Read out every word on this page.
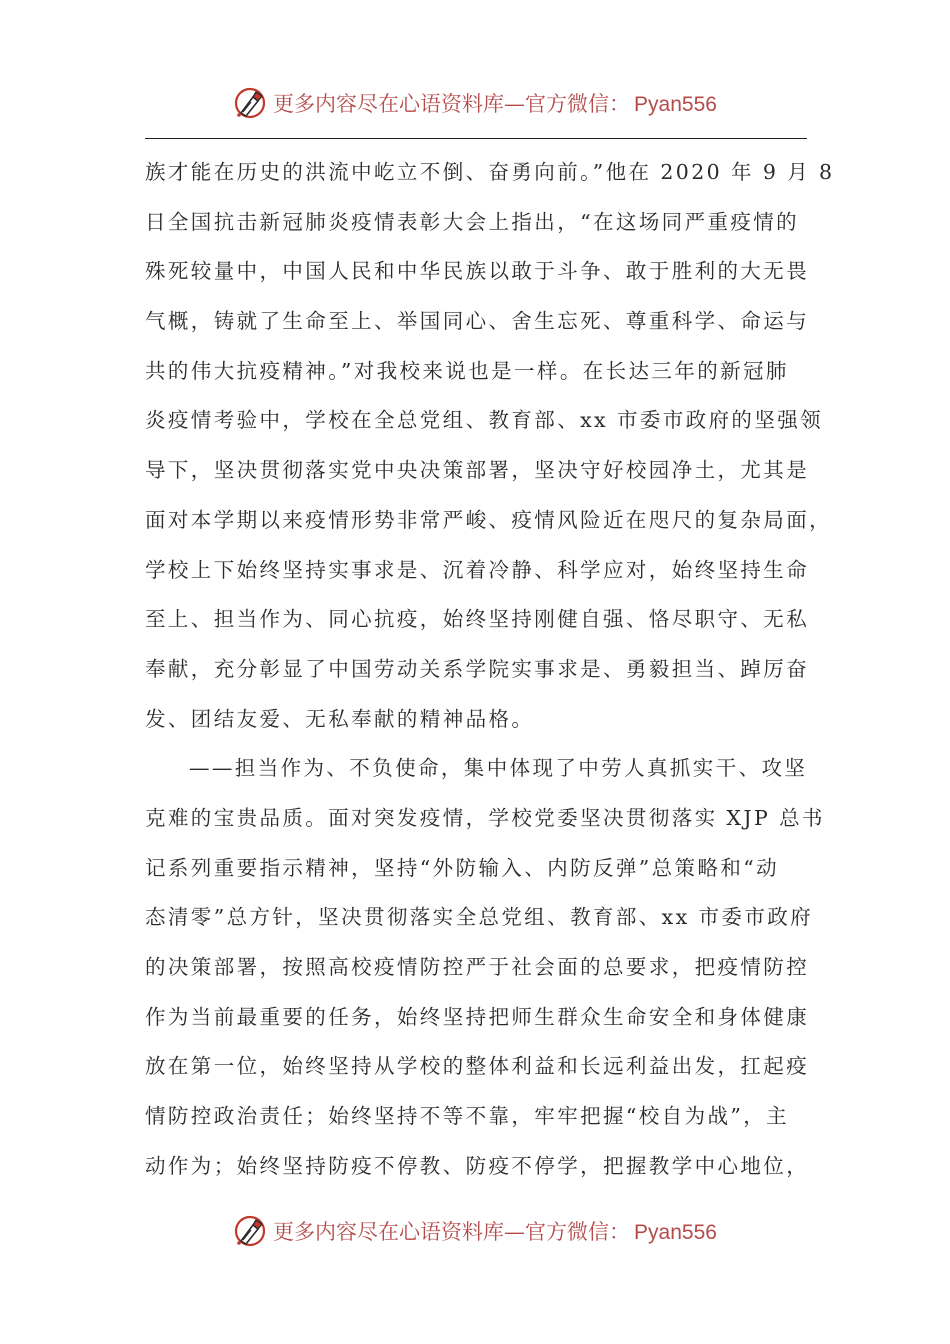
更多内容尽在心语资料库—官方微信： Pyan556
族才能在历史的洪流中屹立不倒、奋勇向前。”他在 2020 年 9 月 8
日全国抗击新冠肺炎疫情表彰大会上指出，“在这场同严重疫情的
殊死较量中，中国人民和中华民族以敢于斗争、敢于胜利的大无畏
气概，铸就了生命至上、举国同心、舍生忘死、尊重科学、命运与
共的伟大抗疫精神。”对我校来说也是一样。在长达三年的新冠肺
炎疫情考验中，学校在全总党组、教育部、xx 市委市政府的坚强领
导下，坚决贯彻落实党中央决策部署，坚决守好校园净土，尤其是
面对本学期以来疫情形势非常严峻、疫情风险近在咫尺的复杂局面，
学校上下始终坚持实事求是、沉着冷静、科学应对，始终坚持生命
至上、担当作为、同心抗疫，始终坚持刚健自强、恪尽职守、无私
奉献，充分彰显了中国劳动关系学院实事求是、勇毅担当、踔厉奋
发、团结友爱、无私奉献的精神品格。
——担当作为、不负使命，集中体现了中劳人真抓实干、攻坚
克难的宝贵品质。面对突发疫情，学校党委坚决贯彻落实 XJP 总书
记系列重要指示精神，坚持“外防输入、内防反弹”总策略和“动
态清零”总方针，坚决贯彻落实全总党组、教育部、xx 市委市政府
的决策部署，按照高校疫情防控严于社会面的总要求，把疫情防控
作为当前最重要的任务，始终坚持把师生群众生命安全和身体健康
放在第一位，始终坚持从学校的整体利益和长远利益出发，扛起疫
情防控政治责任；始终坚持不等不靠，牢牢把握“校自为战”，主
动作为；始终坚持防疫不停教、防疫不停学，把握教学中心地位，
更多内容尽在心语资料库—官方微信： Pyan556
